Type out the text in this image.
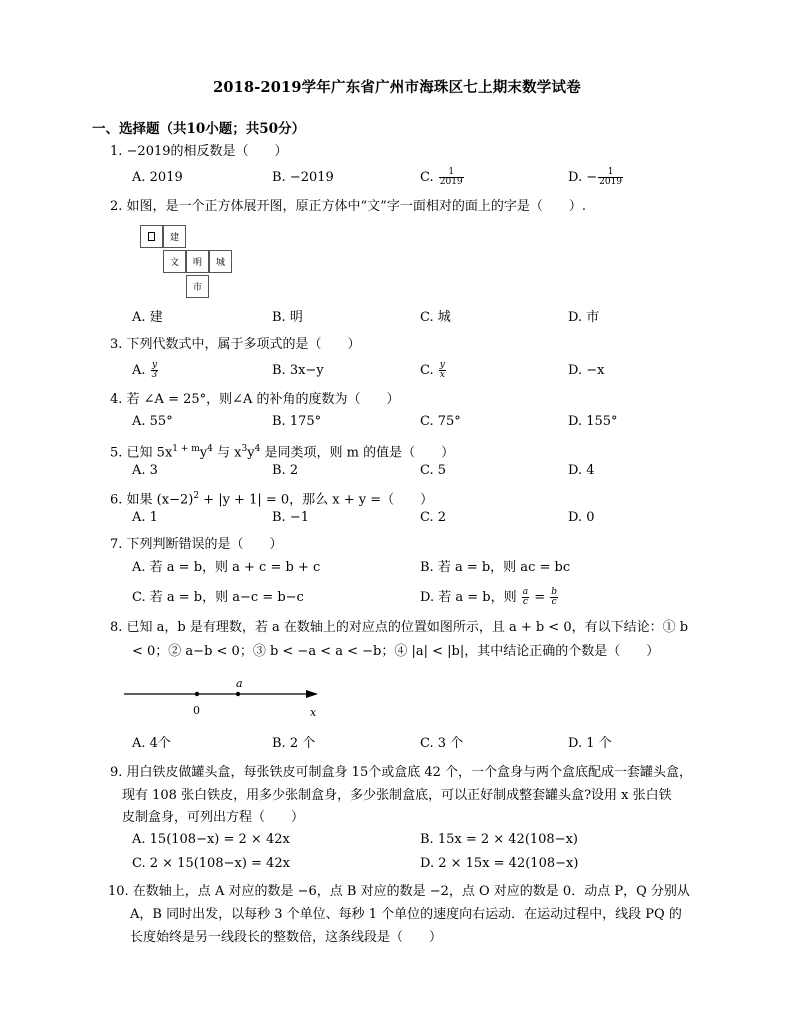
2018-2019学年广东省广州市海珠区七上期末数学试卷
一、选择题（共10小题；共50分）
1. −2019的相反数是（　　）
A. 2019	B. −2019	C. $\frac{1}{2019}$	D. − $\frac{1}{2019}$
2. 如图，是一个正方体展开图，原正方体中“文”字一面相对的面上的字是（　　）.
建
文	明	城
市
A. 建	B. 明	C. 城	D. 市
3. 下列代数式中，属于多项式的是（　　）
A. $\frac{y}{3}$	B. 3x−y	C. $\frac{y}{x}$	D. −x
4. 若 ∠A = 25°，则∠A 的补角的度数为（　　）
A. 55°	B. 175°	C. 75°	D. 155°
5. 已知 $5x^{1 + m}y^4$ 与 $x^3y^4$ 是同类项，则 m 的值是（　　）
A. 3	B. 2	C. 5	D. 4
6. 如果 $(x-2)^2 + |y + 1| = 0$，那么 x + y =（　　）
A. 1	B. −1	C. 2	D. 0
7. 下列判断错误的是（　　）
A. 若 a = b，则 a + c = b + c	B. 若 a = b，则 ac = bc
C. 若 a = b，则 a−c = b−c	D. 若 a = b，则 $\frac{a}{c} = \frac{b}{c}$
8. 已知 a，b 是有理数，若 a 在数轴上的对应点的位置如图所示，且 a + b < 0，有以下结论：① b
< 0；② a−b < 0；③ b < −a < a < −b；④ |a| < |b|，其中结论正确的个数是（　　）
a
0	x
A. 4个	B. 2 个	C. 3 个	D. 1 个
9. 用白铁皮做罐头盒，每张铁皮可制盒身 15个或盒底 42 个，一个盒身与两个盒底配成一套罐头盒，
现有 108 张白铁皮，用多少张制盒身，多少张制盒底，可以正好制成整套罐头盒?设用 x 张白铁
皮制盒身，可列出方程（　　）
A. 15(108−x) = 2 × 42x	B. 15x = 2 × 42(108−x)
C. 2 × 15(108−x) = 42x	D. 2 × 15x = 42(108−x)
10. 在数轴上，点 A 对应的数是 −6，点 B 对应的数是 −2，点 O 对应的数是 0．动点 P，Q 分别从
A，B 同时出发，以每秒 3 个单位、每秒 1 个单位的速度向右运动．在运动过程中，线段 PQ 的
长度始终是另一线段长的整数倍，这条线段是（　　）
